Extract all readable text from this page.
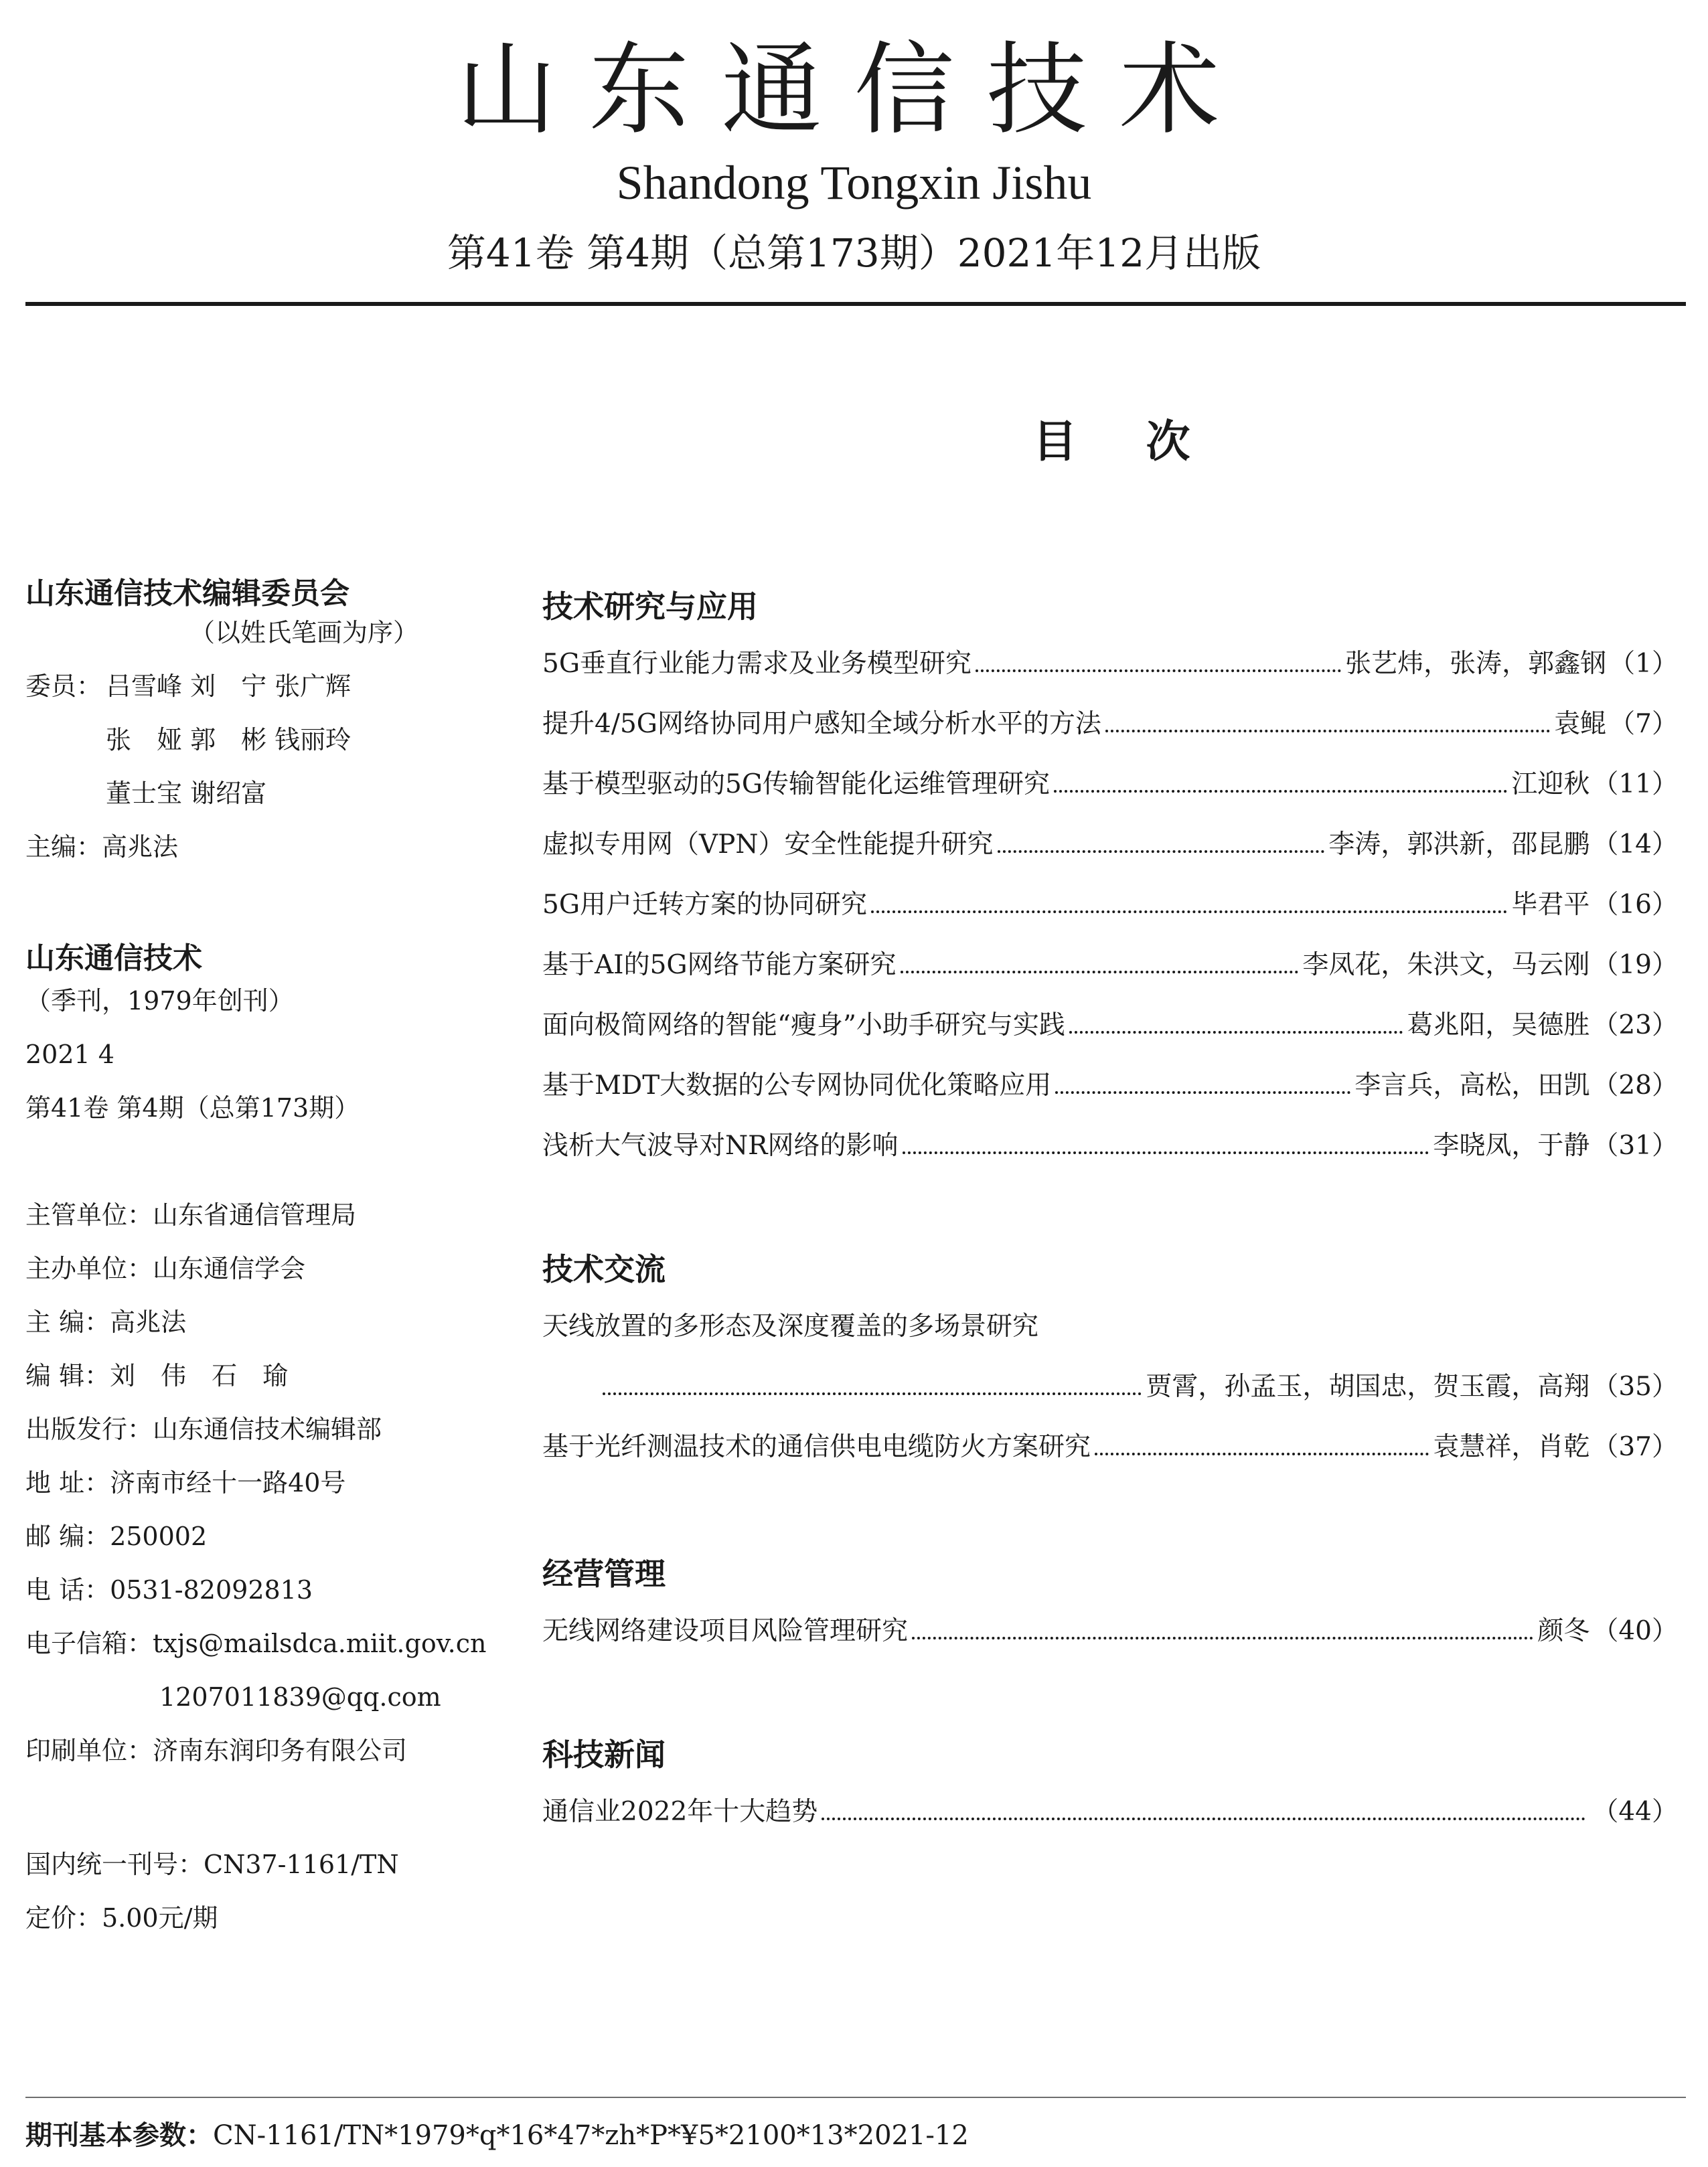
山东通信技术
Shandong Tongxin Jishu
第41卷 第4期（总第173期）2021年12月出版
目 次
山东通信技术编辑委员会
（以姓氏笔画为序）
委员： 吕雪峰 刘　宁 张广辉
张　娅 郭　彬 钱丽玲
董士宝 谢绍富
主编：高兆法
山东通信技术
（季刊，1979年创刊）
2021 4
第41卷 第4期（总第173期）
主管单位：山东省通信管理局
主办单位：山东通信学会
主 编：高兆法
编 辑：刘　伟　石　瑜
出版发行：山东通信技术编辑部
地 址：济南市经十一路40号
邮 编：250002
电 话：0531-82092813
电子信箱：txjs@mailsdca.miit.gov.cn
1207011839@qq.com
印刷单位：济南东润印务有限公司
国内统一刊号：CN37-1161/TN
定价：5.00元/期
技术研究与应用
5G垂直行业能力需求及业务模型研究	张艺炜，张涛，郭鑫钢 （1）
提升4/5G网络协同用户感知全域分析水平的方法	袁鲲 （7）
基于模型驱动的5G传输智能化运维管理研究	江迎秋 （11）
虚拟专用网（VPN）安全性能提升研究	李涛，郭洪新，邵昆鹏 （14）
5G用户迁转方案的协同研究	毕君平 （16）
基于AI的5G网络节能方案研究	李凤花，朱洪文，马云刚 （19）
面向极简网络的智能“瘦身”小助手研究与实践	葛兆阳，吴德胜 （23）
基于MDT大数据的公专网协同优化策略应用	李言兵，高松，田凯 （28）
浅析大气波导对NR网络的影响	李晓凤，于静 （31）
技术交流
天线放置的多形态及深度覆盖的多场景研究
贾霄，孙孟玉，胡国忠，贺玉霞，高翔 （35）
基于光纤测温技术的通信供电电缆防火方案研究	袁慧祥，肖乾 （37）
经营管理
无线网络建设项目风险管理研究	颜冬 （40）
科技新闻
通信业2022年十大趋势	（44）
期刊基本参数：CN-1161/TN*1979*q*16*47*zh*P*¥5*2100*13*2021-12
